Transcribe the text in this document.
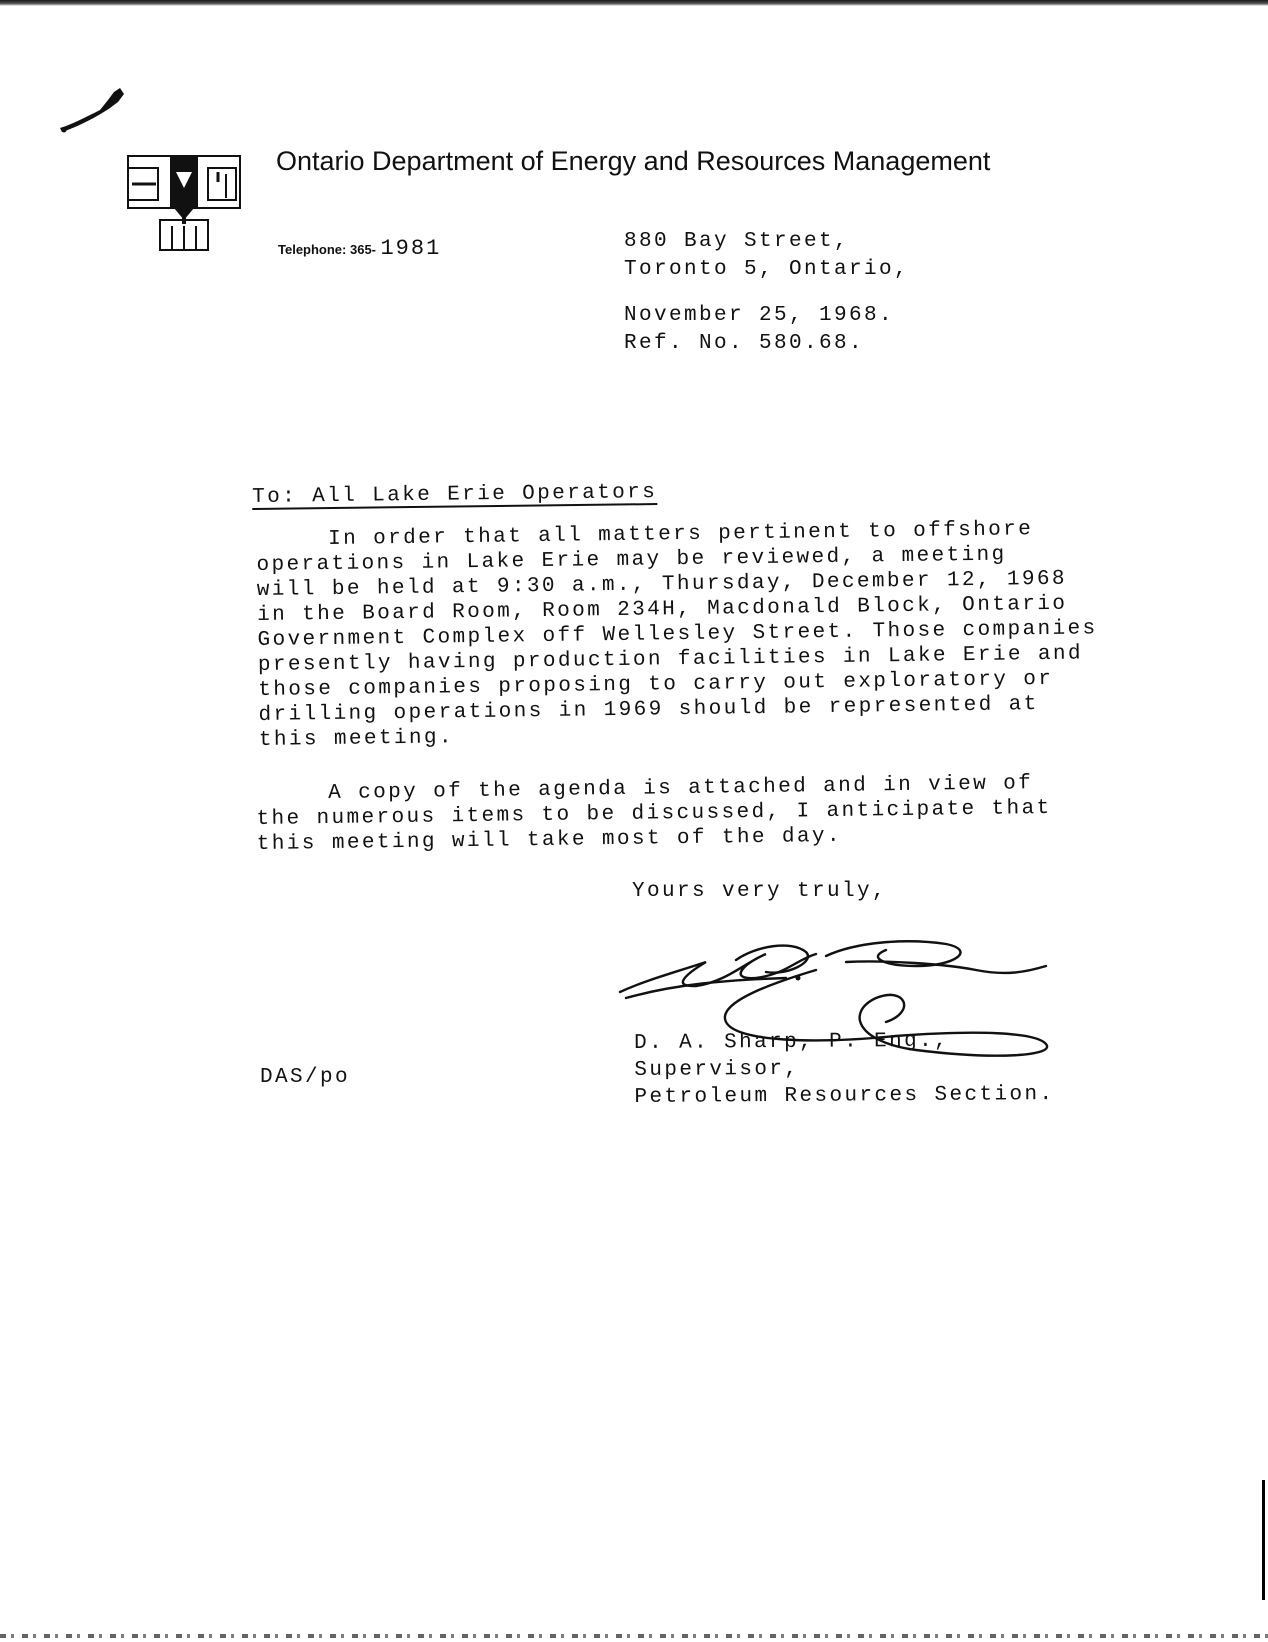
Ontario Department of Energy and Resources Management
Telephone: 365- 1981	880 Bay Street,
Toronto 5, Ontario,
November 25, 1968.
Ref. No. 580.68.
To: All Lake Erie Operators
In order that all matters pertinent to offshore
operations in Lake Erie may be reviewed, a meeting
will be held at 9:30 a.m., Thursday, December 12, 1968
in the Board Room, Room 234H, Macdonald Block, Ontario
Government Complex off Wellesley Street. Those companies
presently having production facilities in Lake Erie and
those companies proposing to carry out exploratory or
drilling operations in 1969 should be represented at
this meeting.
A copy of the agenda is attached and in view of
the numerous items to be discussed, I anticipate that
this meeting will take most of the day.
Yours very truly,
D. A. Sharp, P. Eng.,
Supervisor,
Petroleum Resources Section.
DAS/po
